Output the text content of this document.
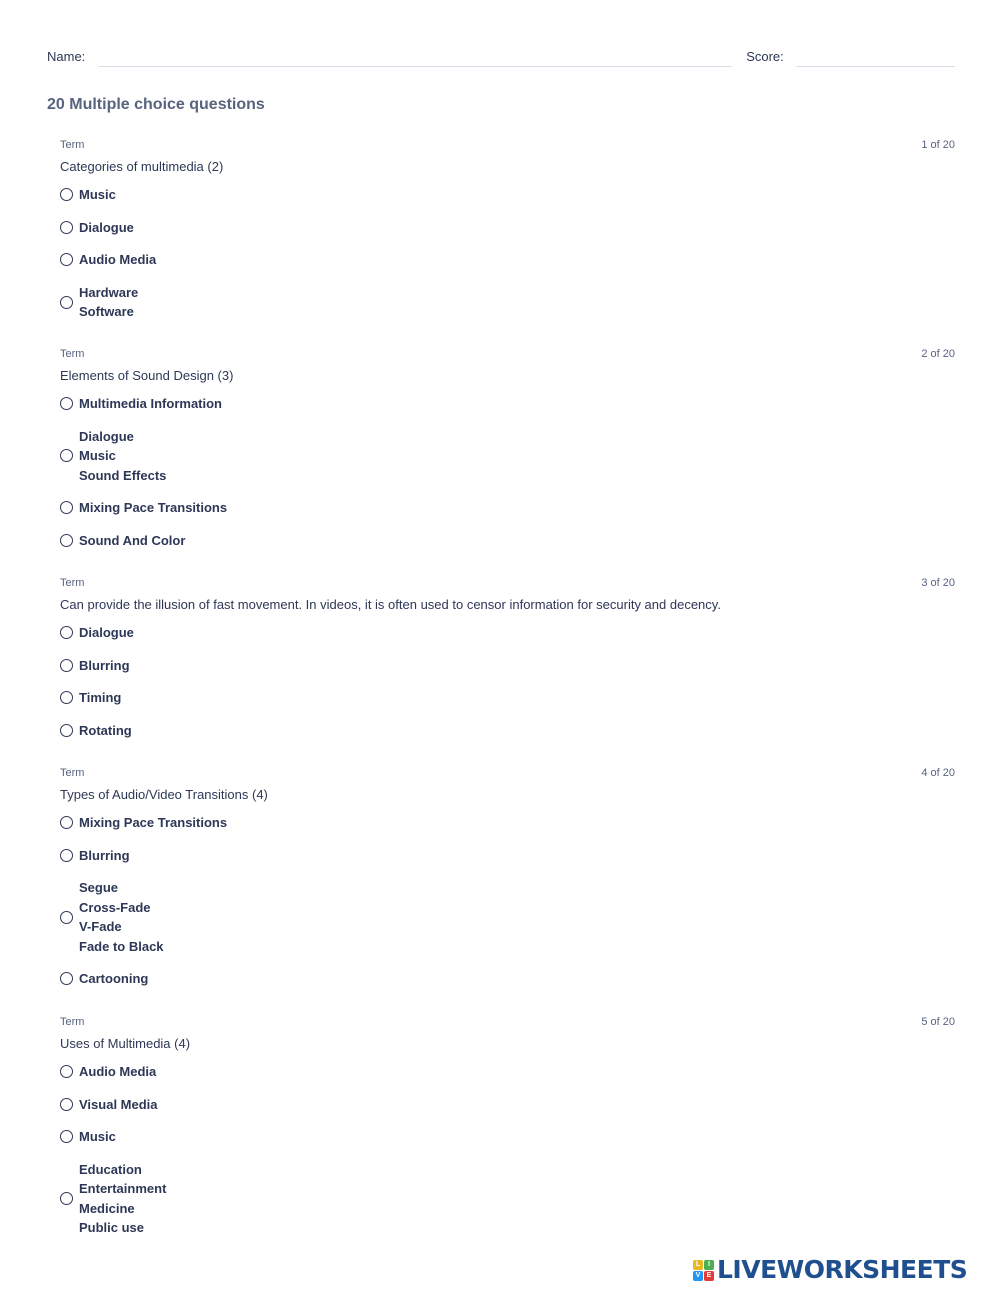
Name:	Score:
20 Multiple choice questions
Term	1 of 20
Categories of multimedia (2)
Music
Dialogue
Audio Media
Hardware
Software
Term	2 of 20
Elements of Sound Design (3)
Multimedia Information
Dialogue
Music
Sound Effects
Mixing Pace Transitions
Sound And Color
Term	3 of 20
Can provide the illusion of fast movement. In videos, it is often used to censor information for security and decency.
Dialogue
Blurring
Timing
Rotating
Term	4 of 20
Types of Audio/Video Transitions (4)
Mixing Pace Transitions
Blurring
Segue
Cross-Fade
V-Fade
Fade to Black
Cartooning
Term	5 of 20
Uses of Multimedia (4)
Audio Media
Visual Media
Music
Education
Entertainment
Medicine
Public use
L	I
V E LIVEWORKSHEETS
